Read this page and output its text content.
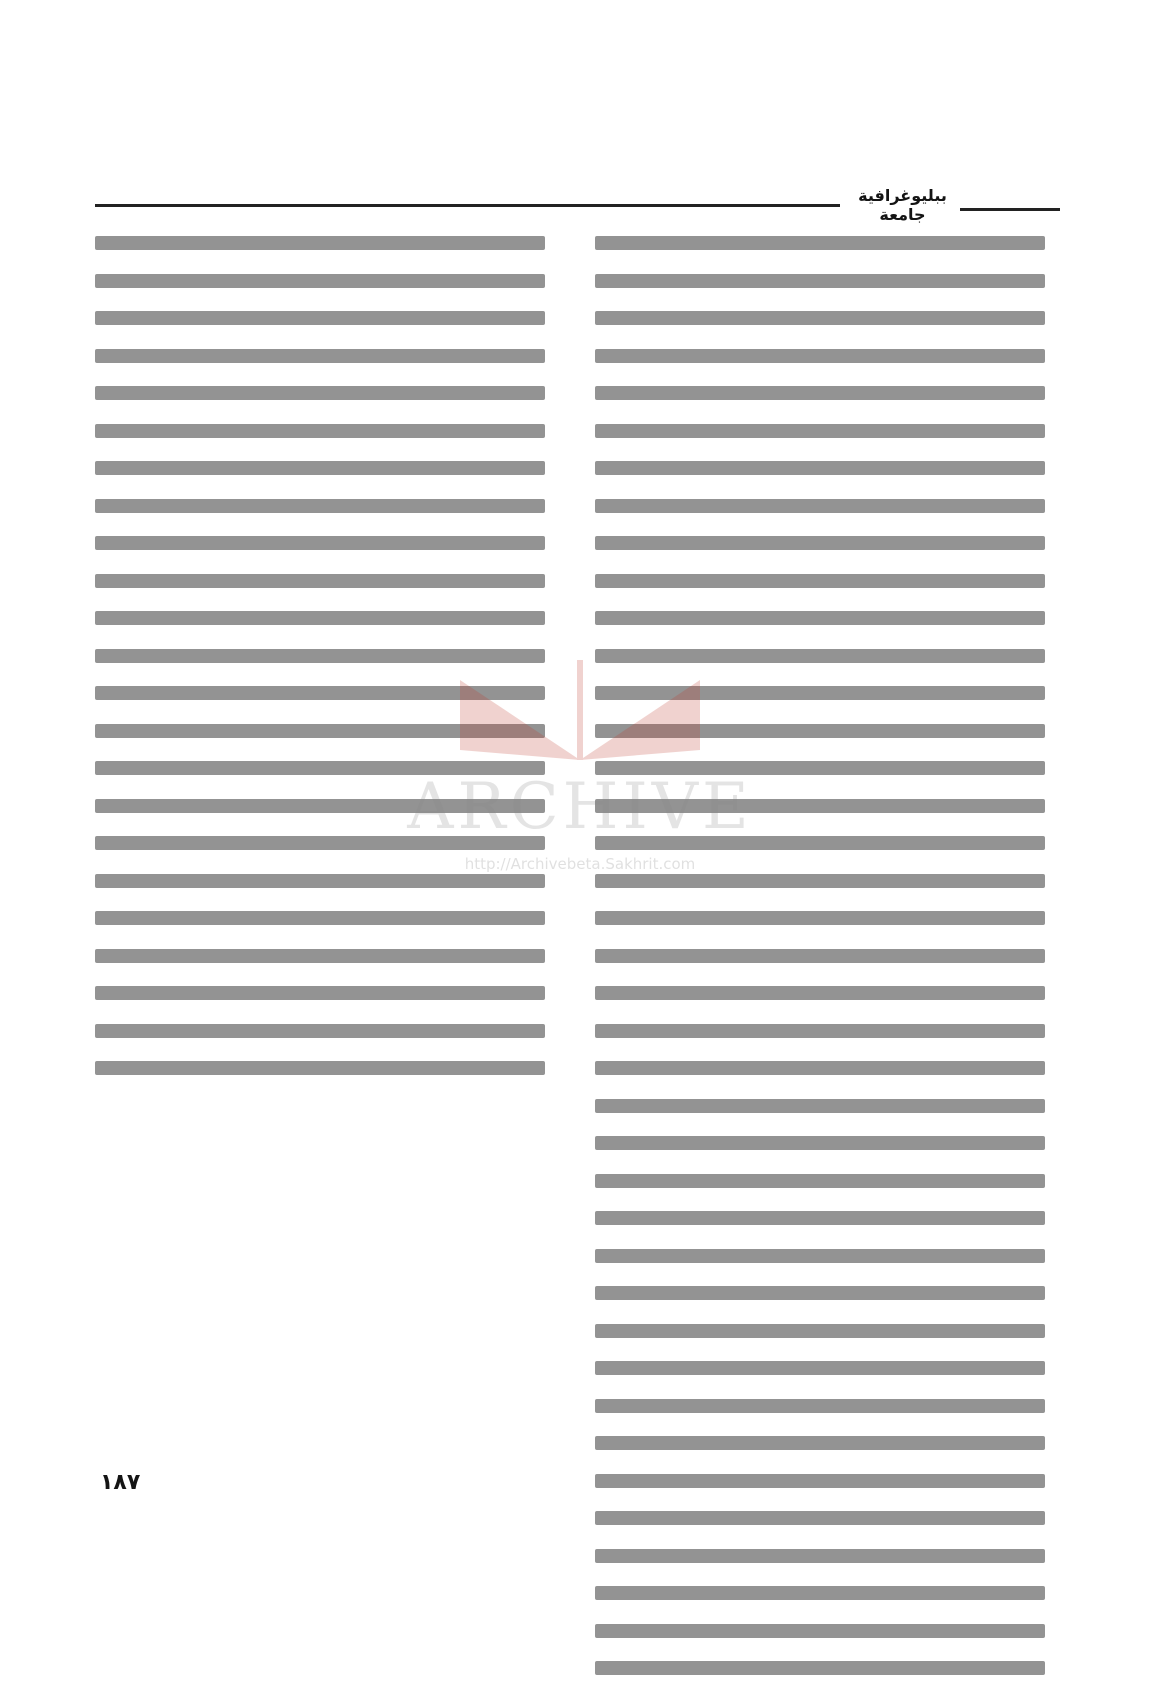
ببليوغرافية جامعة
ARCHIVE
http://Archivebeta.Sakhrit.com
١٨٧
